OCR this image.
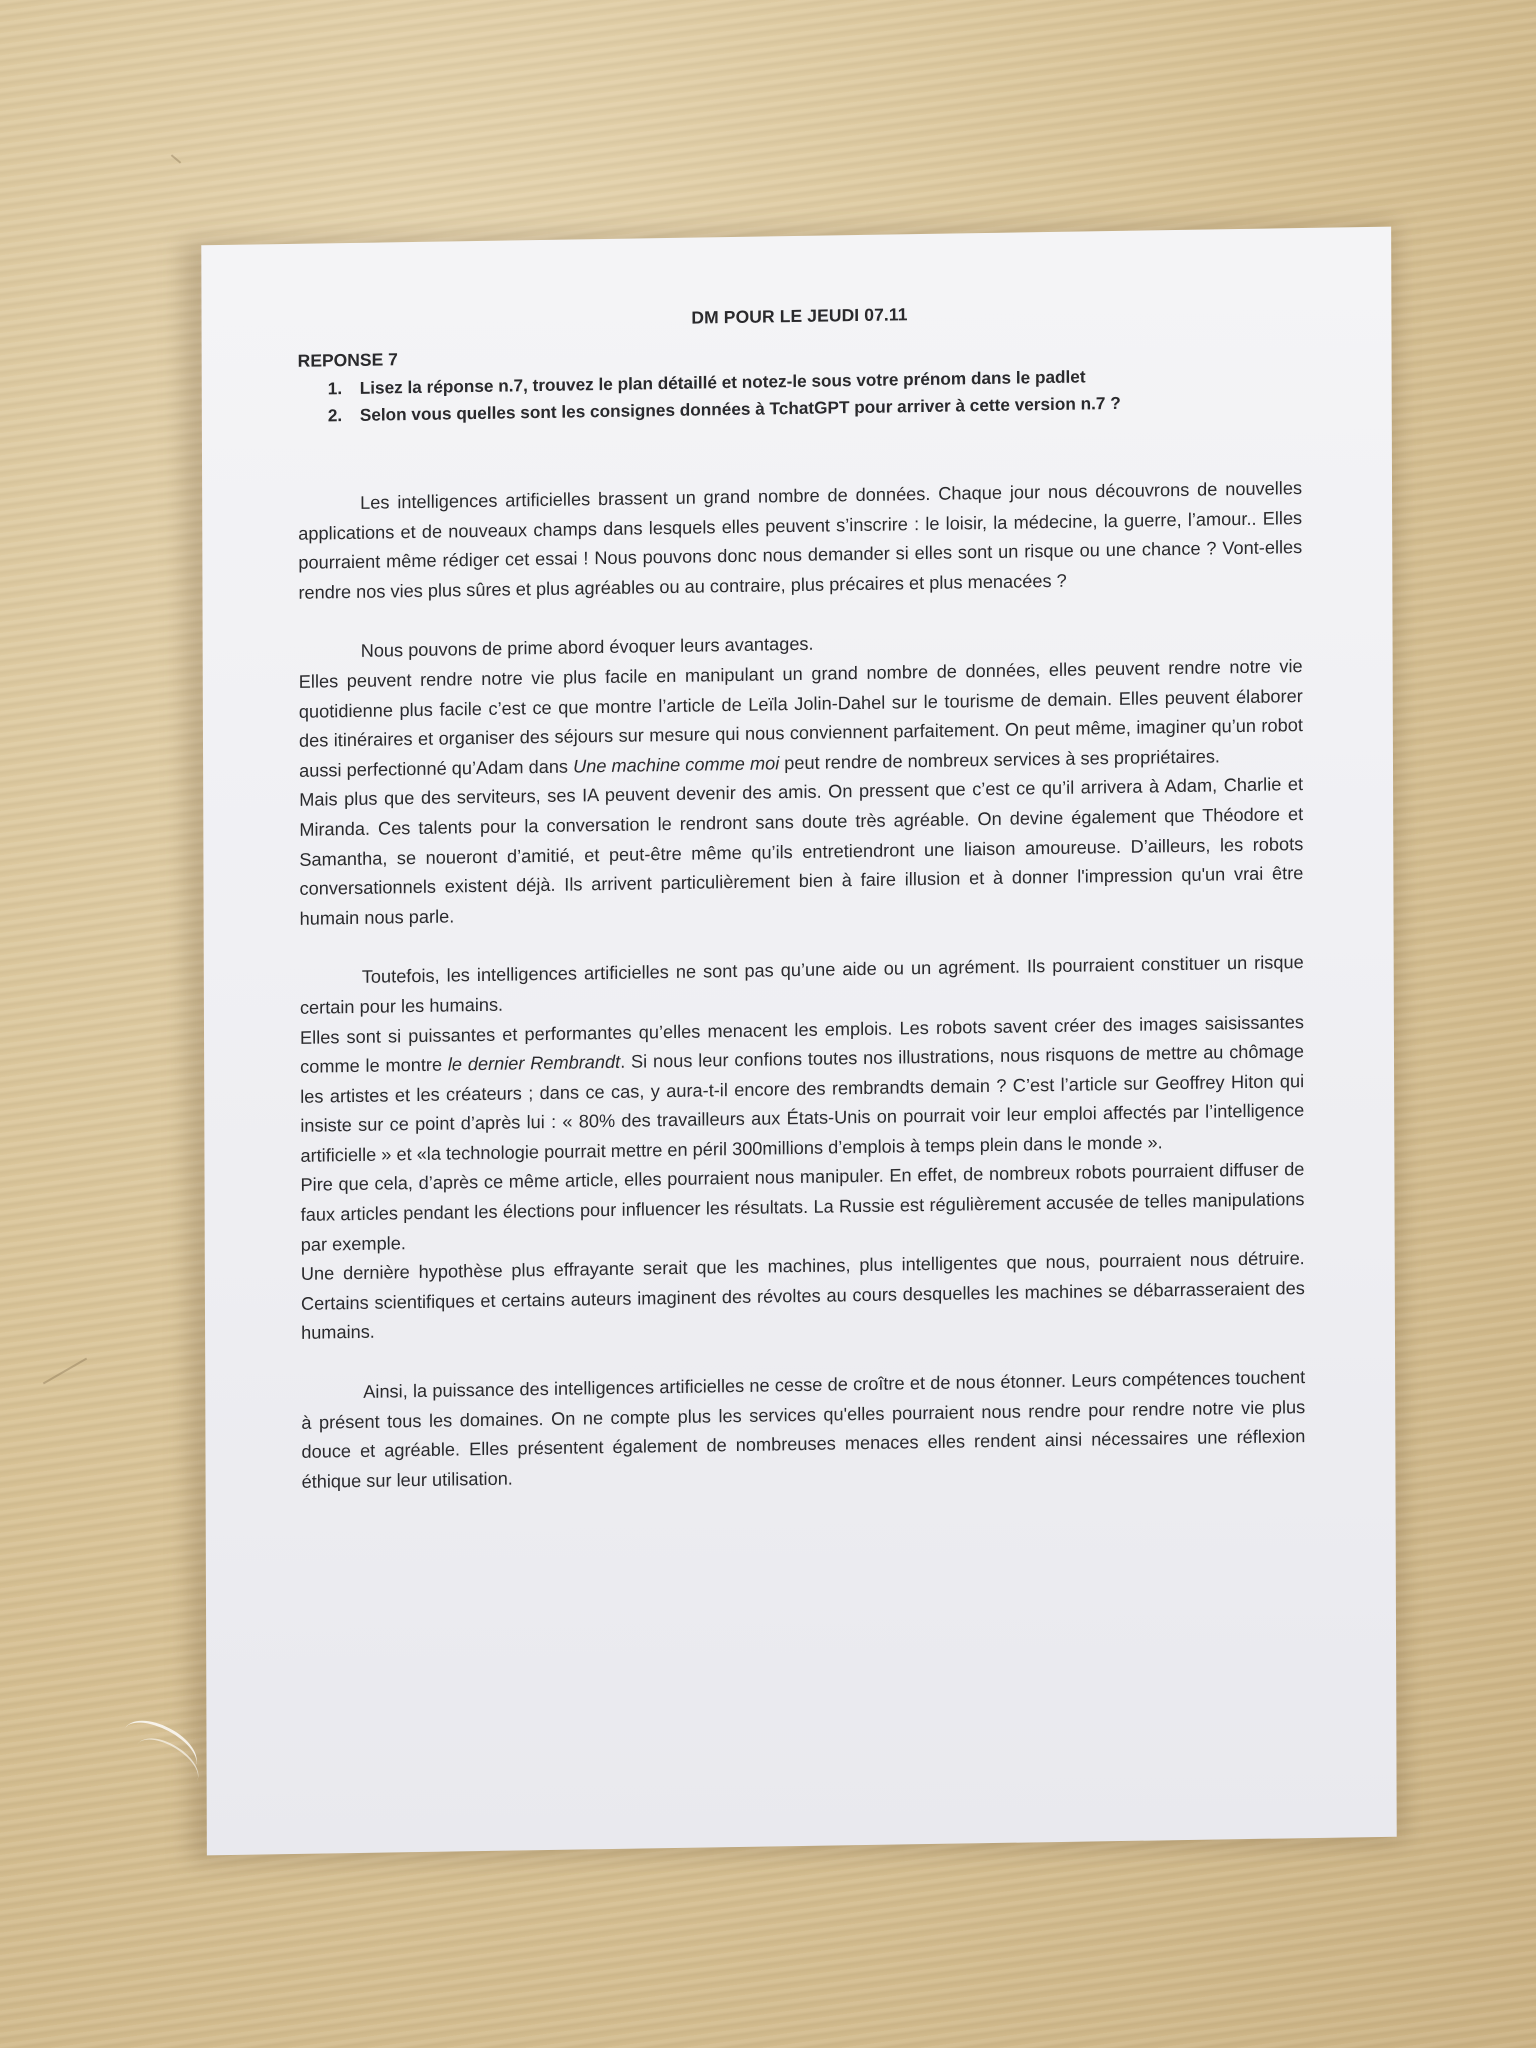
DM POUR LE JEUDI 07.11
REPONSE 7
1. Lisez la réponse n.7, trouvez le plan détaillé et notez-le sous votre prénom dans le padlet
2. Selon vous quelles sont les consignes données à TchatGPT pour arriver à cette version n.7 ?

Les intelligences artificielles brassent un grand nombre de données. Chaque jour nous découvrons de nouvelles applications et de nouveaux champs dans lesquels elles peuvent s’inscrire : le loisir, la médecine, la guerre, l’amour.. Elles pourraient même rédiger cet essai ! Nous pouvons donc nous demander si elles sont un risque ou une chance ? Vont-elles rendre nos vies plus sûres et plus agréables ou au contraire, plus précaires et plus menacées ?

Nous pouvons de prime abord évoquer leurs avantages.

Elles peuvent rendre notre vie plus facile en manipulant un grand nombre de données, elles peuvent rendre notre vie quotidienne plus facile c’est ce que montre l’article de Leïla Jolin-Dahel sur le tourisme de demain. Elles peuvent élaborer des itinéraires et organiser des séjours sur mesure qui nous conviennent parfaitement. On peut même, imaginer qu’un robot aussi perfectionné qu’Adam dans Une machine comme moi peut rendre de nombreux services à ses propriétaires.

Mais plus que des serviteurs, ses IA peuvent devenir des amis. On pressent que c’est ce qu’il arrivera à Adam, Charlie et Miranda. Ces talents pour la conversation le rendront sans doute très agréable. On devine également que Théodore et Samantha, se noueront d’amitié, et peut-être même qu’ils entretiendront une liaison amoureuse. D’ailleurs, les robots conversationnels existent déjà. Ils arrivent particulièrement bien à faire illusion et à donner l'impression qu'un vrai être humain nous parle.

Toutefois, les intelligences artificielles ne sont pas qu’une aide ou un agrément. Ils pourraient constituer un risque certain pour les humains.

Elles sont si puissantes et performantes qu’elles menacent les emplois. Les robots savent créer des images saisissantes comme le montre le dernier Rembrandt. Si nous leur confions toutes nos illustrations, nous risquons de mettre au chômage les artistes et les créateurs ; dans ce cas, y aura-t-il encore des rembrandts demain ? C’est l’article sur Geoffrey Hiton qui insiste sur ce point d’après lui : « 80% des travailleurs aux États-Unis on pourrait voir leur emploi affectés par l’intelligence artificielle » et «la technologie pourrait mettre en péril 300millions d’emplois à temps plein dans le monde ».

Pire que cela, d’après ce même article, elles pourraient nous manipuler. En effet, de nombreux robots pourraient diffuser de faux articles pendant les élections pour influencer les résultats. La Russie est régulièrement accusée de telles manipulations par exemple.

Une dernière hypothèse plus effrayante serait que les machines, plus intelligentes que nous, pourraient nous détruire. Certains scientifiques et certains auteurs imaginent des révoltes au cours desquelles les machines se débarrasseraient des humains.

Ainsi, la puissance des intelligences artificielles ne cesse de croître et de nous étonner. Leurs compétences touchent à présent tous les domaines. On ne compte plus les services qu'elles pourraient nous rendre pour rendre notre vie plus douce et agréable. Elles présentent également de nombreuses menaces elles rendent ainsi nécessaires une réflexion éthique sur leur utilisation.
